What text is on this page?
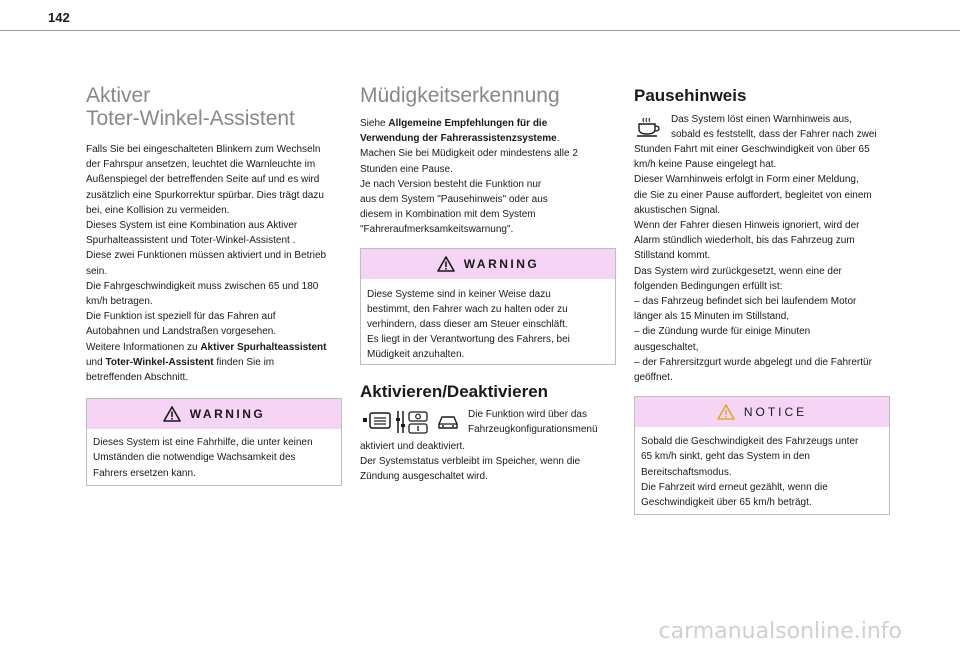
142
Aktiver
Toter-Winkel-Assistent
Falls Sie bei eingeschalteten Blinkern zum Wechseln
der Fahrspur ansetzen, leuchtet die Warnleuchte im
Außenspiegel der betreffenden Seite auf und es wird
zusätzlich eine Spurkorrektur spürbar. Dies trägt dazu
bei, eine Kollision zu vermeiden.
Dieses System ist eine Kombination aus Aktiver
Spurhalteassistent und Toter-Winkel-Assistent .
Diese zwei Funktionen müssen aktiviert und in Betrieb
sein.
Die Fahrgeschwindigkeit muss zwischen 65 und 180
km/h betragen.
Die Funktion ist speziell für das Fahren auf
Autobahnen und Landstraßen vorgesehen.
Weitere Informationen zu Aktiver Spurhalteassistent
und Toter-Winkel-Assistent finden Sie im
betreffenden Abschnitt.
WARNING
Dieses System ist eine Fahrhilfe, die unter keinen
Umständen die notwendige Wachsamkeit des
Fahrers ersetzen kann.
Müdigkeitserkennung
Siehe Allgemeine Empfehlungen für die
Verwendung der Fahrerassistenzsysteme.
Machen Sie bei Müdigkeit oder mindestens alle 2
Stunden eine Pause.
Je nach Version besteht die Funktion nur
aus dem System "Pausehinweis" oder aus
diesem in Kombination mit dem System
"Fahreraufmerksamkeitswarnung".
WARNING
Diese Systeme sind in keiner Weise dazu
bestimmt, den Fahrer wach zu halten oder zu
verhindern, dass dieser am Steuer einschläft.
Es liegt in der Verantwortung des Fahrers, bei
Müdigkeit anzuhalten.
Aktivieren/Deaktivieren
Die Funktion wird über das
Fahrzeugkonfigurationsmenü
aktiviert und deaktiviert.
Der Systemstatus verbleibt im Speicher, wenn die
Zündung ausgeschaltet wird.
Pausehinweis
Das System löst einen Warnhinweis aus,
sobald es feststellt, dass der Fahrer nach zwei
Stunden Fahrt mit einer Geschwindigkeit von über 65
km/h keine Pause eingelegt hat.
Dieser Warnhinweis erfolgt in Form einer Meldung,
die Sie zu einer Pause auffordert, begleitet von einem
akustischen Signal.
Wenn der Fahrer diesen Hinweis ignoriert, wird der
Alarm stündlich wiederholt, bis das Fahrzeug zum
Stillstand kommt.
Das System wird zurückgesetzt, wenn eine der
folgenden Bedingungen erfüllt ist:
– das Fahrzeug befindet sich bei laufendem Motor
länger als 15 Minuten im Stillstand,
– die Zündung wurde für einige Minuten
ausgeschaltet,
– der Fahrersitzgurt wurde abgelegt und die Fahrertür
geöffnet.
NOTICE
Sobald die Geschwindigkeit des Fahrzeugs unter
65 km/h sinkt, geht das System in den
Bereitschaftsmodus.
Die Fahrzeit wird erneut gezählt, wenn die
Geschwindigkeit über 65 km/h beträgt.
carmanualsonline.info
